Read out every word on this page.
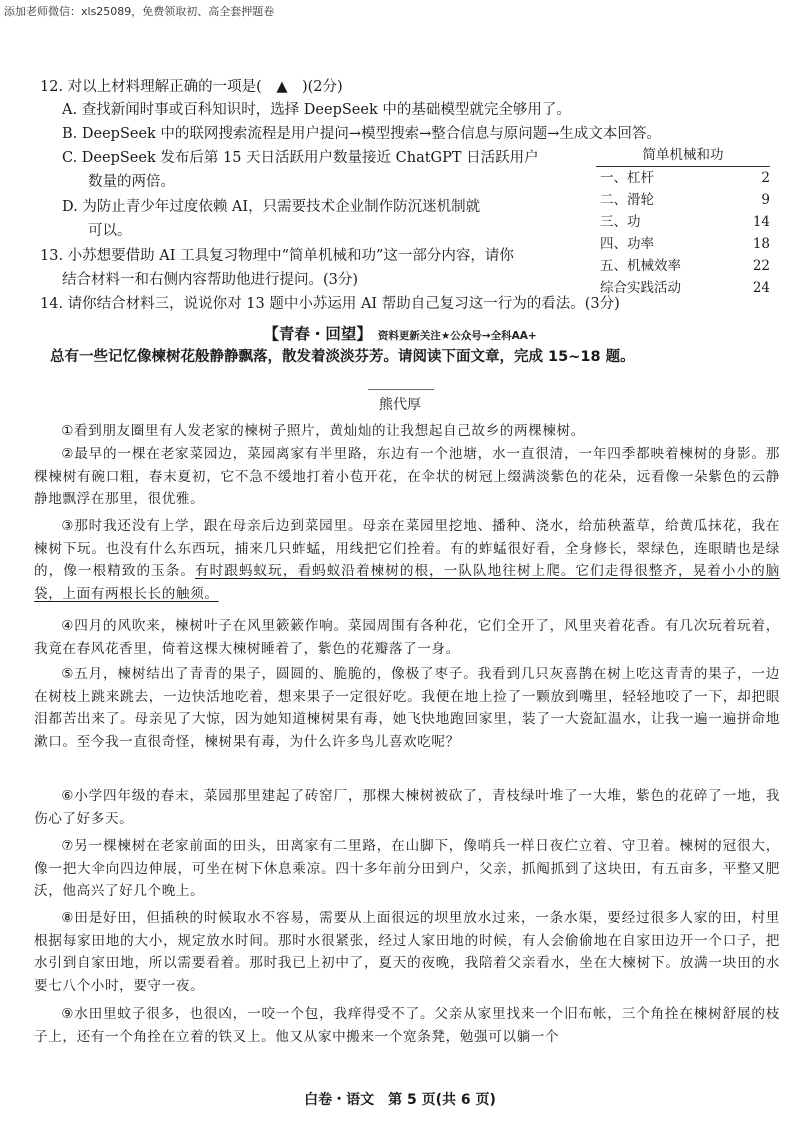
添加老师微信：xls25089，免费领取初、高全套押题卷
12. 对以上材料理解正确的一项是(　▲　)(2分)
A. 查找新闻时事或百科知识时，选择 DeepSeek 中的基础模型就完全够用了。
B. DeepSeek 中的联网搜索流程是用户提问→模型搜索→整合信息与原问题→生成文本回答。
C. DeepSeek 发布后第 15 天日活跃用户数量接近 ChatGPT 日活跃用户
数量的两倍。
D. 为防止青少年过度依赖 AI，只需要技术企业制作防沉迷机制就
可以。
13. 小苏想要借助 AI 工具复习物理中“简单机械和功”这一部分内容，请你
结合材料一和右侧内容帮助他进行提问。(3分)
14. 请你结合材料三，说说你对 13 题中小苏运用 AI 帮助自己复习这一行为的看法。(3分)
简单机械和功
一、杠杆	2
二、滑轮	9
三、功	14
四、功率	18
五、机械效率	22
综合实践活动	24
【青春・回望】 资料更新关注★公众号→全科AA+
总有一些记忆像楝树花般静静飘落，散发着淡淡芬芳。请阅读下面文章，完成 15~18 题。
熊代厚

①看到朋友圈里有人发老家的楝树子照片，黄灿灿的让我想起自己故乡的两棵楝树。

②最早的一棵在老家菜园边，菜园离家有半里路，东边有一个池塘，水一直很清，一年四季都映着楝树的身影。那棵楝树有碗口粗，春末夏初，它不急不缓地打着小苞开花，在伞状的树冠上缀满淡紫色的花朵，远看像一朵紫色的云静静地飘浮在那里，很优雅。

③那时我还没有上学，跟在母亲后边到菜园里。母亲在菜园里挖地、播种、浇水，给茄秧蓋草，给黄瓜抹花，我在楝树下玩。也没有什么东西玩，捕来几只蚱蜢，用线把它们拴着。有的蚱蜢很好看，全身修长，翠绿色，连眼睛也是绿的，像一根精致的玉条。有时跟蚂蚁玩，看蚂蚁沿着楝树的根，一队队地往树上爬。它们走得很整齐，晃着小小的脑袋，上面有两根长长的触须。

④四月的风吹来，楝树叶子在风里簌簌作响。菜园周围有各种花，它们全开了，风里夹着花香。有几次玩着玩着，我竟在春风花香里，倚着这棵大楝树睡着了，紫色的花瓣落了一身。

⑤五月，楝树结出了青青的果子，圆圆的、脆脆的，像极了枣子。我看到几只灰喜鹊在树上吃这青青的果子，一边在树枝上跳来跳去，一边快活地吃着，想来果子一定很好吃。我便在地上捡了一颗放到嘴里，轻轻地咬了一下，却把眼泪都苦出来了。母亲见了大惊，因为她知道楝树果有毒，她飞快地跑回家里，装了一大瓷缸温水，让我一遍一遍拼命地漱口。至今我一直很奇怪，楝树果有毒，为什么许多鸟儿喜欢吃呢？

⑥小学四年级的春末，菜园那里建起了砖窑厂，那棵大楝树被砍了，青枝绿叶堆了一大堆，紫色的花碎了一地，我伤心了好多天。

⑦另一棵楝树在老家前面的田头，田离家有二里路，在山脚下，像哨兵一样日夜伫立着、守卫着。楝树的冠很大，像一把大伞向四边伸展，可坐在树下休息乘凉。四十多年前分田到户，父亲，抓阄抓到了这块田，有五亩多，平整又肥沃，他高兴了好几个晚上。

⑧田是好田，但插秧的时候取水不容易，需要从上面很远的坝里放水过来，一条水渠，要经过很多人家的田，村里根据每家田地的大小，规定放水时间。那时水很紧张，经过人家田地的时候，有人会偷偷地在自家田边开一个口子，把水引到自家田地，所以需要看着。那时我已上初中了，夏天的夜晚，我陪着父亲看水，坐在大楝树下。放满一块田的水要七八个小时，要守一夜。

⑨水田里蚊子很多，也很凶，一咬一个包，我痒得受不了。父亲从家里找来一个旧布帐，三个角拴在楝树舒展的枝子上，还有一个角拴在立着的铁叉上。他又从家中搬来一个宽条凳，勉强可以躺一个

白卷・语文　第 5 页(共 6 页)
